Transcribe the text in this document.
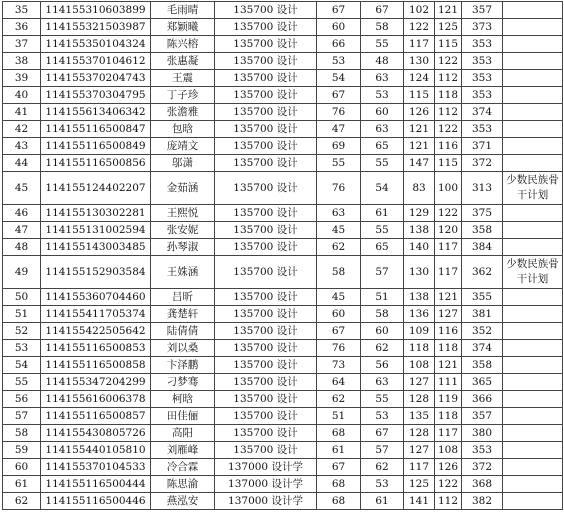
35	114155310603899	毛雨晴	135700 设计	67	67	102	121	357	
36	114155321503987	郑颖曦	135700 设计	60	58	122	125	373	
37	114155350104324	陈兴榕	135700 设计	66	55	117	115	353	
38	114155370104612	张惠凝	135700 设计	53	48	130	122	353	
39	114155370204743	王震	135700 设计	54	63	124	112	353	
40	114155370304795	丁子珍	135700 设计	67	53	115	118	353	
41	114155613406342	张澹雅	135700 设计	76	60	126	112	374	
42	114155116500847	包晗	135700 设计	47	63	121	122	353	
43	114155116500849	庞靖文	135700 设计	69	65	121	116	371	
44	114155116500856	邬潇	135700 设计	55	55	147	115	372	
45	114155124402207	金茹涵	135700 设计	76	54	83	100	313	少数民族骨干计划
46	114155130302281	王熙悦	135700 设计	63	61	129	122	375	
47	114155131002594	张安妮	135700 设计	45	55	138	120	358	
48	114155143003485	孙琴淑	135700 设计	62	65	140	117	384	
49	114155152903584	王姝涵	135700 设计	58	57	130	117	362	少数民族骨干计划
50	114155360704460	吕昕	135700 设计	45	51	138	121	355	
51	114155411705374	龚楚轩	135700 设计	60	58	136	127	381	
52	114155422505642	陆倩倩	135700 设计	67	60	109	116	352	
53	114155116500853	刘以桑	135700 设计	76	62	118	118	374	
54	114155116500858	卞泽鹏	135700 设计	73	56	108	121	358	
55	114155347204299	刁梦骞	135700 设计	64	63	127	111	365	
56	114155616006378	柯晗	135700 设计	62	55	128	119	366	
57	114155116500857	田佳俪	135700 设计	51	53	135	118	357	
58	114155430805726	高阳	135700 设计	68	67	128	117	380	
59	114155440105810	刘雁峰	135700 设计	61	57	127	108	353	
60	114155370104533	冷合霖	137000 设计学	67	62	117	126	372	
61	114155116500444	陈思渝	137000 设计学	68	53	125	122	368	
62	114155116500446	燕泓安	137000 设计学	68	61	141	112	382	
